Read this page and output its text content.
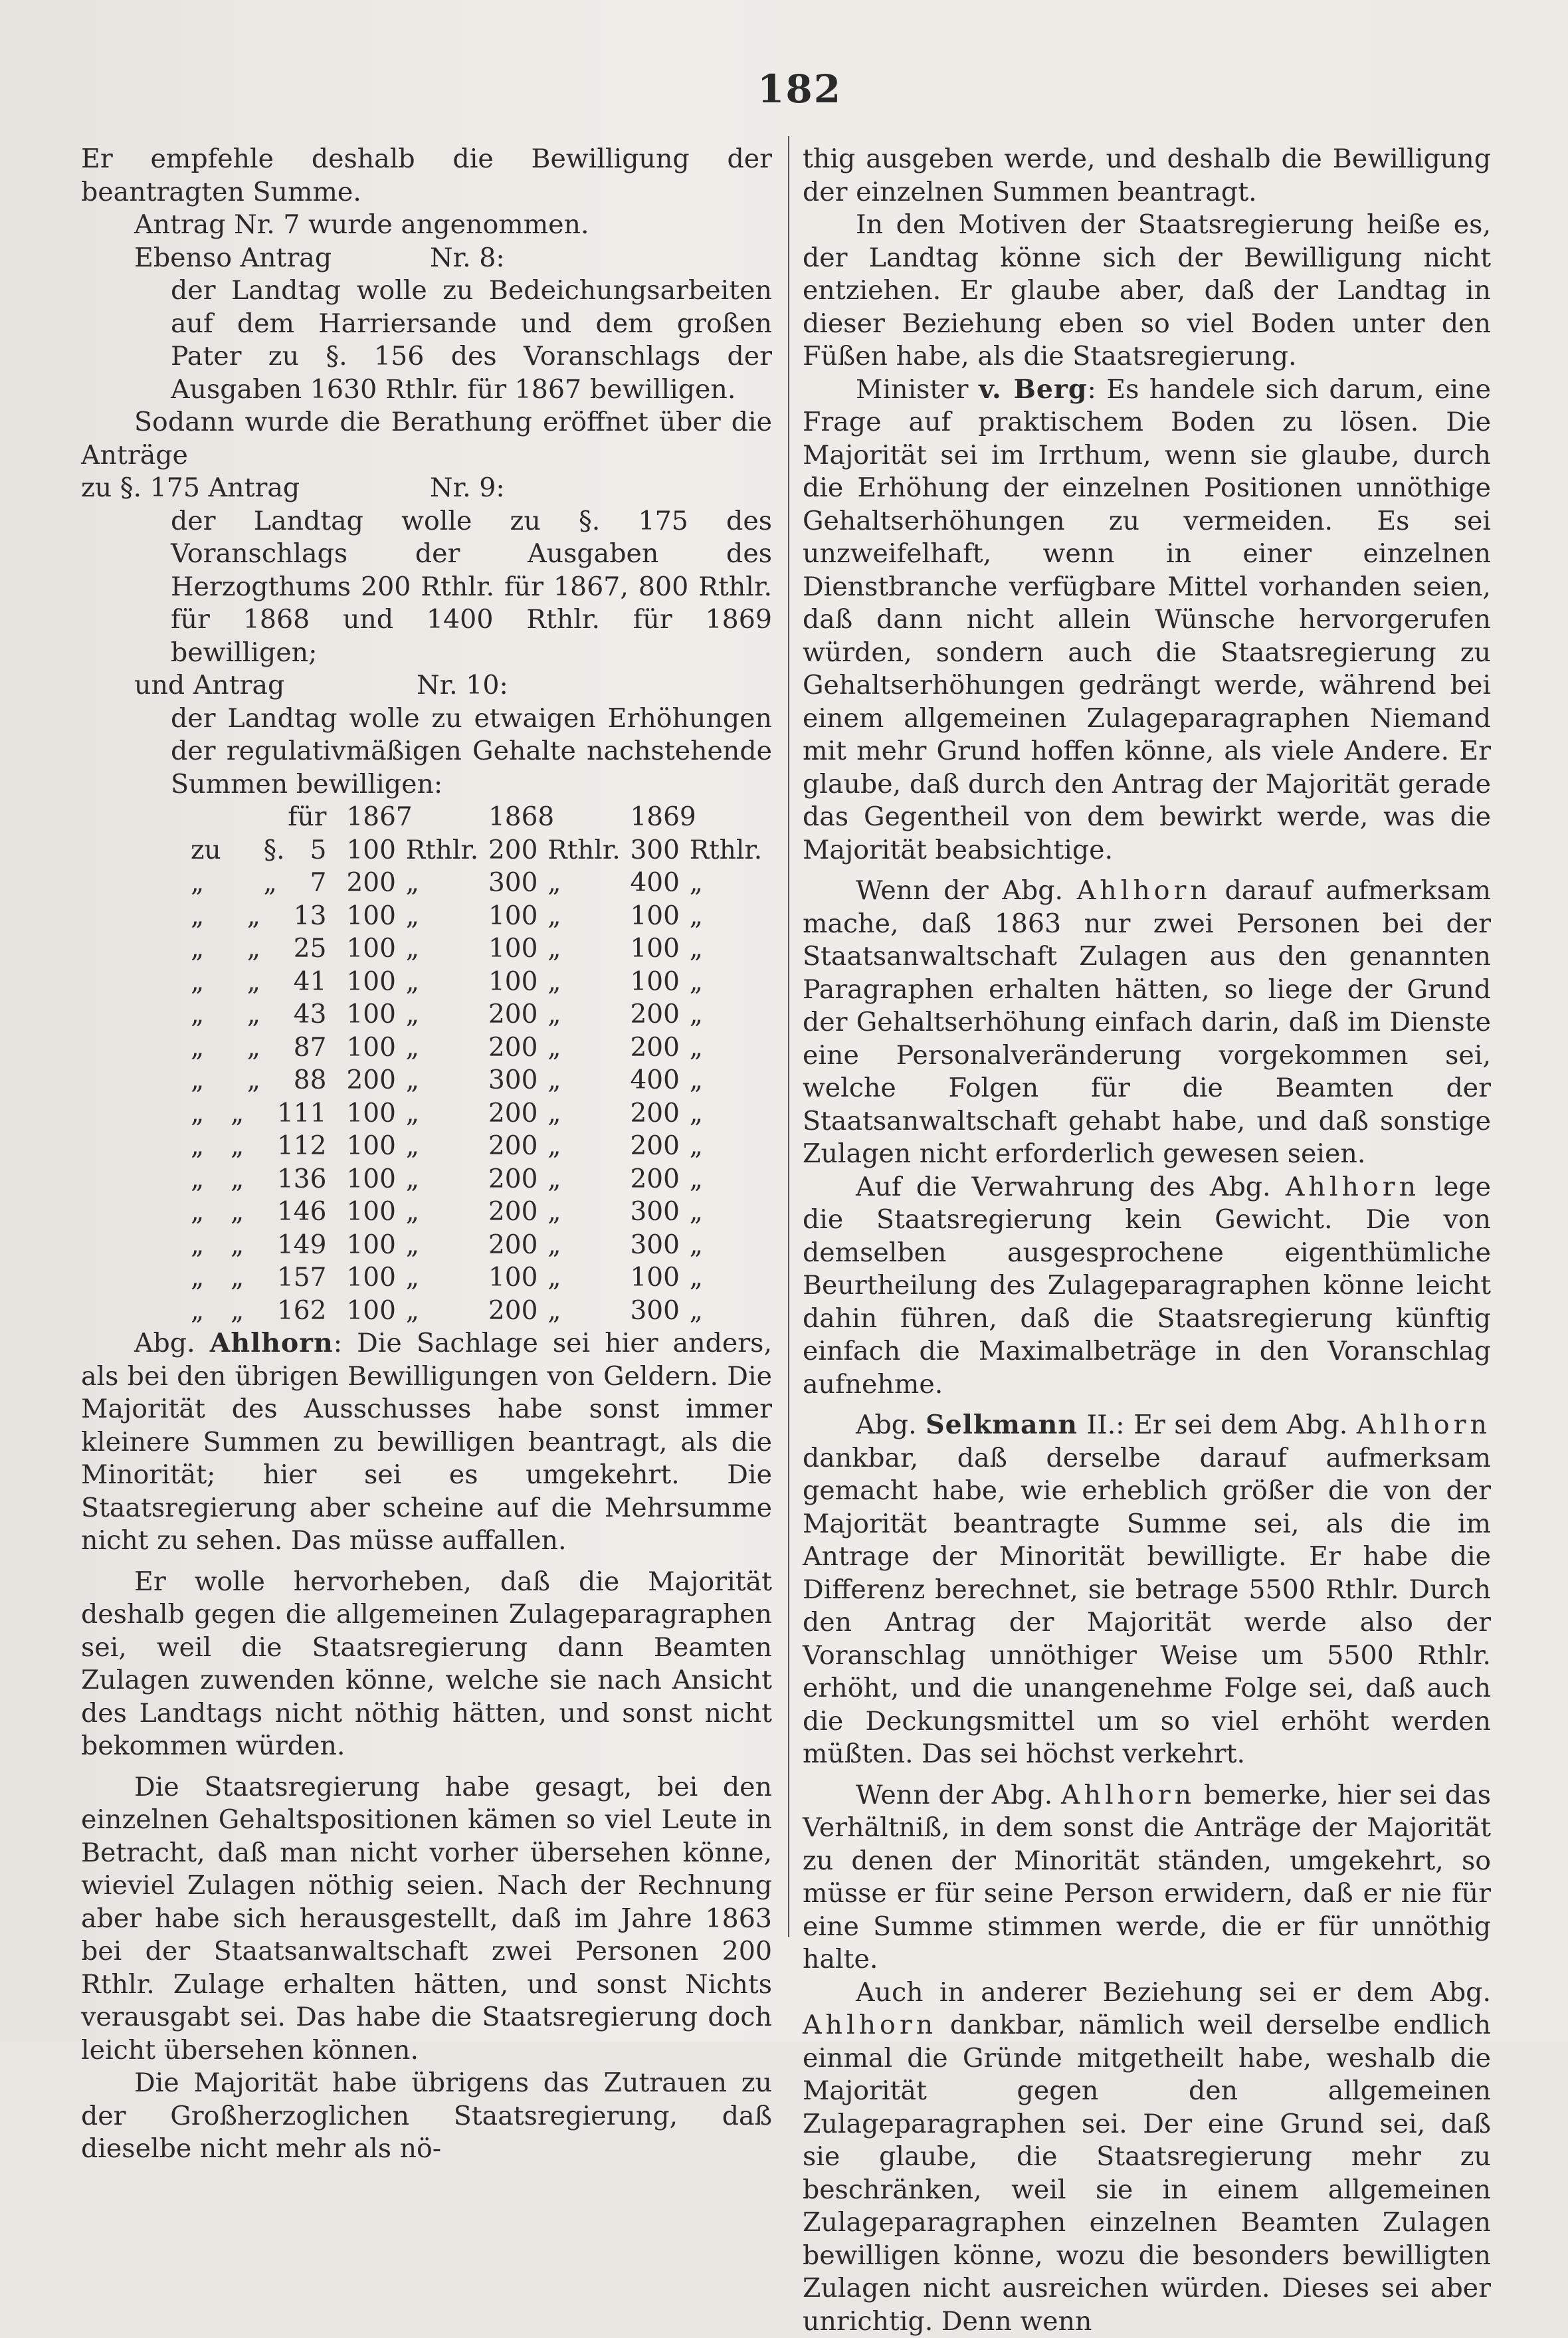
182

Er empfehle deshalb die Bewilligung der beantragten Summe.

Antrag Nr. 7 wurde angenommen.

Ebenso Antrag	Nr. 8:

der Landtag wolle zu Bedeichungsarbeiten auf dem Harriersande und dem großen Pater zu §. 156 des Voranschlags der Ausgaben 1630 Rthlr. für 1867 bewilligen.

Sodann wurde die Berathung eröffnet über die Anträge

zu §. 175 Antrag	Nr. 9:

der Landtag wolle zu §. 175 des Voranschlags der Ausgaben des Herzogthums 200 Rthlr. für 1867, 800 Rthlr. für 1868 und 1400 Rthlr. für 1869 bewilligen;

und Antrag	Nr. 10:

der Landtag wolle zu etwaigen Erhöhungen der regulativmäßigen Gehalte nachstehende Summen bewilligen:

	für	1867		1868		1869	
zu	§. 5	100	Rthlr.	200	Rthlr.	300	Rthlr.
„	„ 7	200	„	300	„	400	„
„	„ 13	100	„	100	„	100	„
„	„ 25	100	„	100	„	100	„
„	„ 41	100	„	100	„	100	„
„	„ 43	100	„	200	„	200	„
„	„ 87	100	„	200	„	200	„
„	„ 88	200	„	300	„	400	„
„	„ 111	100	„	200	„	200	„
„	„ 112	100	„	200	„	200	„
„	„ 136	100	„	200	„	200	„
„	„ 146	100	„	200	„	300	„
„	„ 149	100	„	200	„	300	„
„	„ 157	100	„	100	„	100	„
„	„ 162	100	„	200	„	300	„

Abg. Ahlhorn: Die Sachlage sei hier anders, als bei den übrigen Bewilligungen von Geldern. Die Majorität des Ausschusses habe sonst immer kleinere Summen zu bewilligen beantragt, als die Minorität; hier sei es umgekehrt. Die Staatsregierung aber scheine auf die Mehrsumme nicht zu sehen. Das müsse auffallen.

Er wolle hervorheben, daß die Majorität deshalb gegen die allgemeinen Zulageparagraphen sei, weil die Staatsregierung dann Beamten Zulagen zuwenden könne, welche sie nach Ansicht des Landtags nicht nöthig hätten, und sonst nicht bekommen würden.

Die Staatsregierung habe gesagt, bei den einzelnen Gehaltspositionen kämen so viel Leute in Betracht, daß man nicht vorher übersehen könne, wieviel Zulagen nöthig seien. Nach der Rechnung aber habe sich herausgestellt, daß im Jahre 1863 bei der Staatsanwaltschaft zwei Personen 200 Rthlr. Zulage erhalten hätten, und sonst Nichts verausgabt sei. Das habe die Staatsregierung doch leicht übersehen können.

Die Majorität habe übrigens das Zutrauen zu der Großherzoglichen Staatsregierung, daß dieselbe nicht mehr als nö-

thig ausgeben werde, und deshalb die Bewilligung der einzelnen Summen beantragt.

In den Motiven der Staatsregierung heiße es, der Landtag könne sich der Bewilligung nicht entziehen. Er glaube aber, daß der Landtag in dieser Beziehung eben so viel Boden unter den Füßen habe, als die Staatsregierung.

Minister v. Berg: Es handele sich darum, eine Frage auf praktischem Boden zu lösen. Die Majorität sei im Irrthum, wenn sie glaube, durch die Erhöhung der einzelnen Positionen unnöthige Gehaltserhöhungen zu vermeiden. Es sei unzweifelhaft, wenn in einer einzelnen Dienstbranche verfügbare Mittel vorhanden seien, daß dann nicht allein Wünsche hervorgerufen würden, sondern auch die Staatsregierung zu Gehaltserhöhungen gedrängt werde, während bei einem allgemeinen Zulageparagraphen Niemand mit mehr Grund hoffen könne, als viele Andere. Er glaube, daß durch den Antrag der Majorität gerade das Gegentheil von dem bewirkt werde, was die Majorität beabsichtige.

Wenn der Abg. Ahlhorn darauf aufmerksam mache, daß 1863 nur zwei Personen bei der Staatsanwaltschaft Zulagen aus den genannten Paragraphen erhalten hätten, so liege der Grund der Gehaltserhöhung einfach darin, daß im Dienste eine Personalveränderung vorgekommen sei, welche Folgen für die Beamten der Staatsanwaltschaft gehabt habe, und daß sonstige Zulagen nicht erforderlich gewesen seien.

Auf die Verwahrung des Abg. Ahlhorn lege die Staatsregierung kein Gewicht. Die von demselben ausgesprochene eigenthümliche Beurtheilung des Zulageparagraphen könne leicht dahin führen, daß die Staatsregierung künftig einfach die Maximalbeträge in den Voranschlag aufnehme.

Abg. Selkmann II.: Er sei dem Abg. Ahlhorn dankbar, daß derselbe darauf aufmerksam gemacht habe, wie erheblich größer die von der Majorität beantragte Summe sei, als die im Antrage der Minorität bewilligte. Er habe die Differenz berechnet, sie betrage 5500 Rthlr. Durch den Antrag der Majorität werde also der Voranschlag unnöthiger Weise um 5500 Rthlr. erhöht, und die unangenehme Folge sei, daß auch die Deckungsmittel um so viel erhöht werden müßten. Das sei höchst verkehrt.

Wenn der Abg. Ahlhorn bemerke, hier sei das Verhältniß, in dem sonst die Anträge der Majorität zu denen der Minorität ständen, umgekehrt, so müsse er für seine Person erwidern, daß er nie für eine Summe stimmen werde, die er für unnöthig halte.

Auch in anderer Beziehung sei er dem Abg. Ahlhorn dankbar, nämlich weil derselbe endlich einmal die Gründe mitgetheilt habe, weshalb die Majorität gegen den allgemeinen Zulageparagraphen sei. Der eine Grund sei, daß sie glaube, die Staatsregierung mehr zu beschränken, weil sie in einem allgemeinen Zulageparagraphen einzelnen Beamten Zulagen bewilligen könne, wozu die besonders bewilligten Zulagen nicht ausreichen würden. Dieses sei aber unrichtig. Denn wenn
